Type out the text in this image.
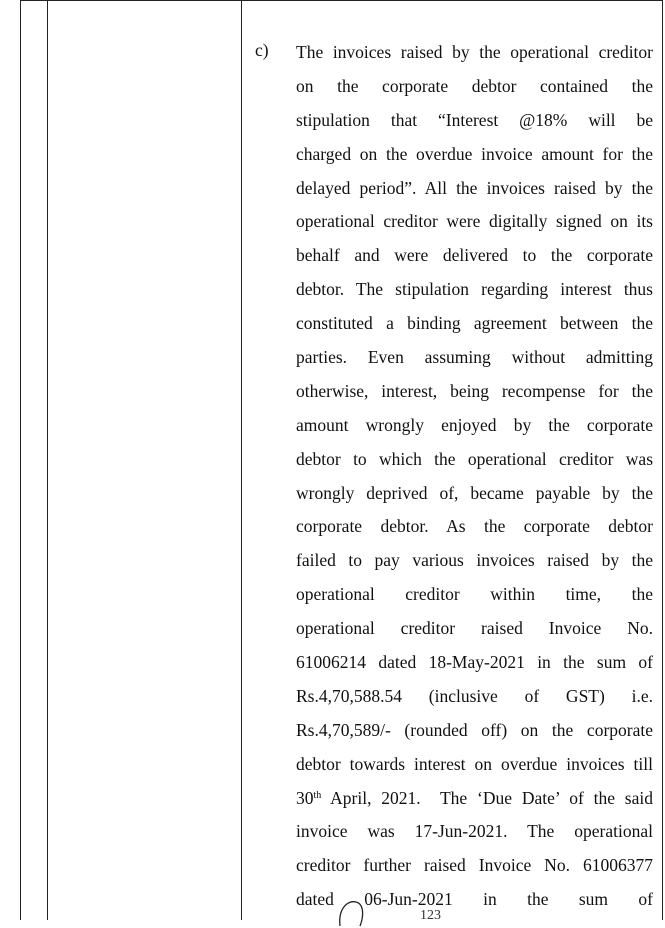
c) The invoices raised by the operational creditor
on the corporate debtor contained the
stipulation that “Interest @18% will be
charged on the overdue invoice amount for the
delayed period”. All the invoices raised by the
operational creditor were digitally signed on its
behalf and were delivered to the corporate
debtor. The stipulation regarding interest thus
constituted a binding agreement between the
parties. Even assuming without admitting
otherwise, interest, being recompense for the
amount wrongly enjoyed by the corporate
debtor to which the operational creditor was
wrongly deprived of, became payable by the
corporate debtor. As the corporate debtor
failed to pay various invoices raised by the
operational creditor within time, the
operational creditor raised Invoice No.
61006214 dated 18-May-2021 in the sum of
Rs.4,70,588.54 (inclusive of GST) i.e.
Rs.4,70,589/- (rounded off) on the corporate
debtor towards interest on overdue invoices till
30th April, 2021. The ‘Due Date’ of the said
invoice was 17-Jun-2021. The operational
creditor further raised Invoice No. 61006377
dated 06-Jun-2021 in the sum of
123
